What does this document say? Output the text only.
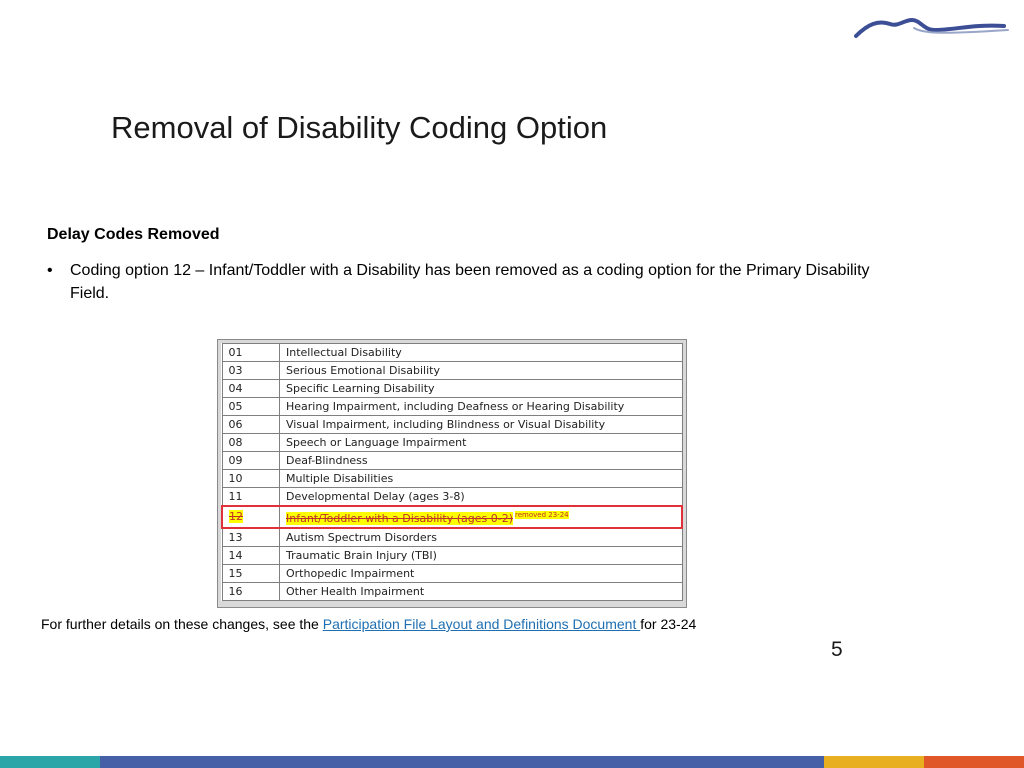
Removal of Disability Coding Option
Delay Codes Removed
• Coding option 12 – Infant/Toddler with a Disability has been removed as a coding option for the Primary Disability Field.
01	Intellectual Disability
03	Serious Emotional Disability
04	Specific Learning Disability
05	Hearing Impairment, including Deafness or Hearing Disability
06	Visual Impairment, including Blindness or Visual Disability
08	Speech or Language Impairment
09	Deaf-Blindness
10	Multiple Disabilities
11	Developmental Delay (ages 3-8)
12	Infant/Toddler with a Disability (ages 0-2) $^{removed 23-24}$
13	Autism Spectrum Disorders
14	Traumatic Brain Injury (TBI)
15	Orthopedic Impairment
16	Other Health Impairment
For further details on these changes, see the Participation File Layout and Definitions Document for 23-24
5
